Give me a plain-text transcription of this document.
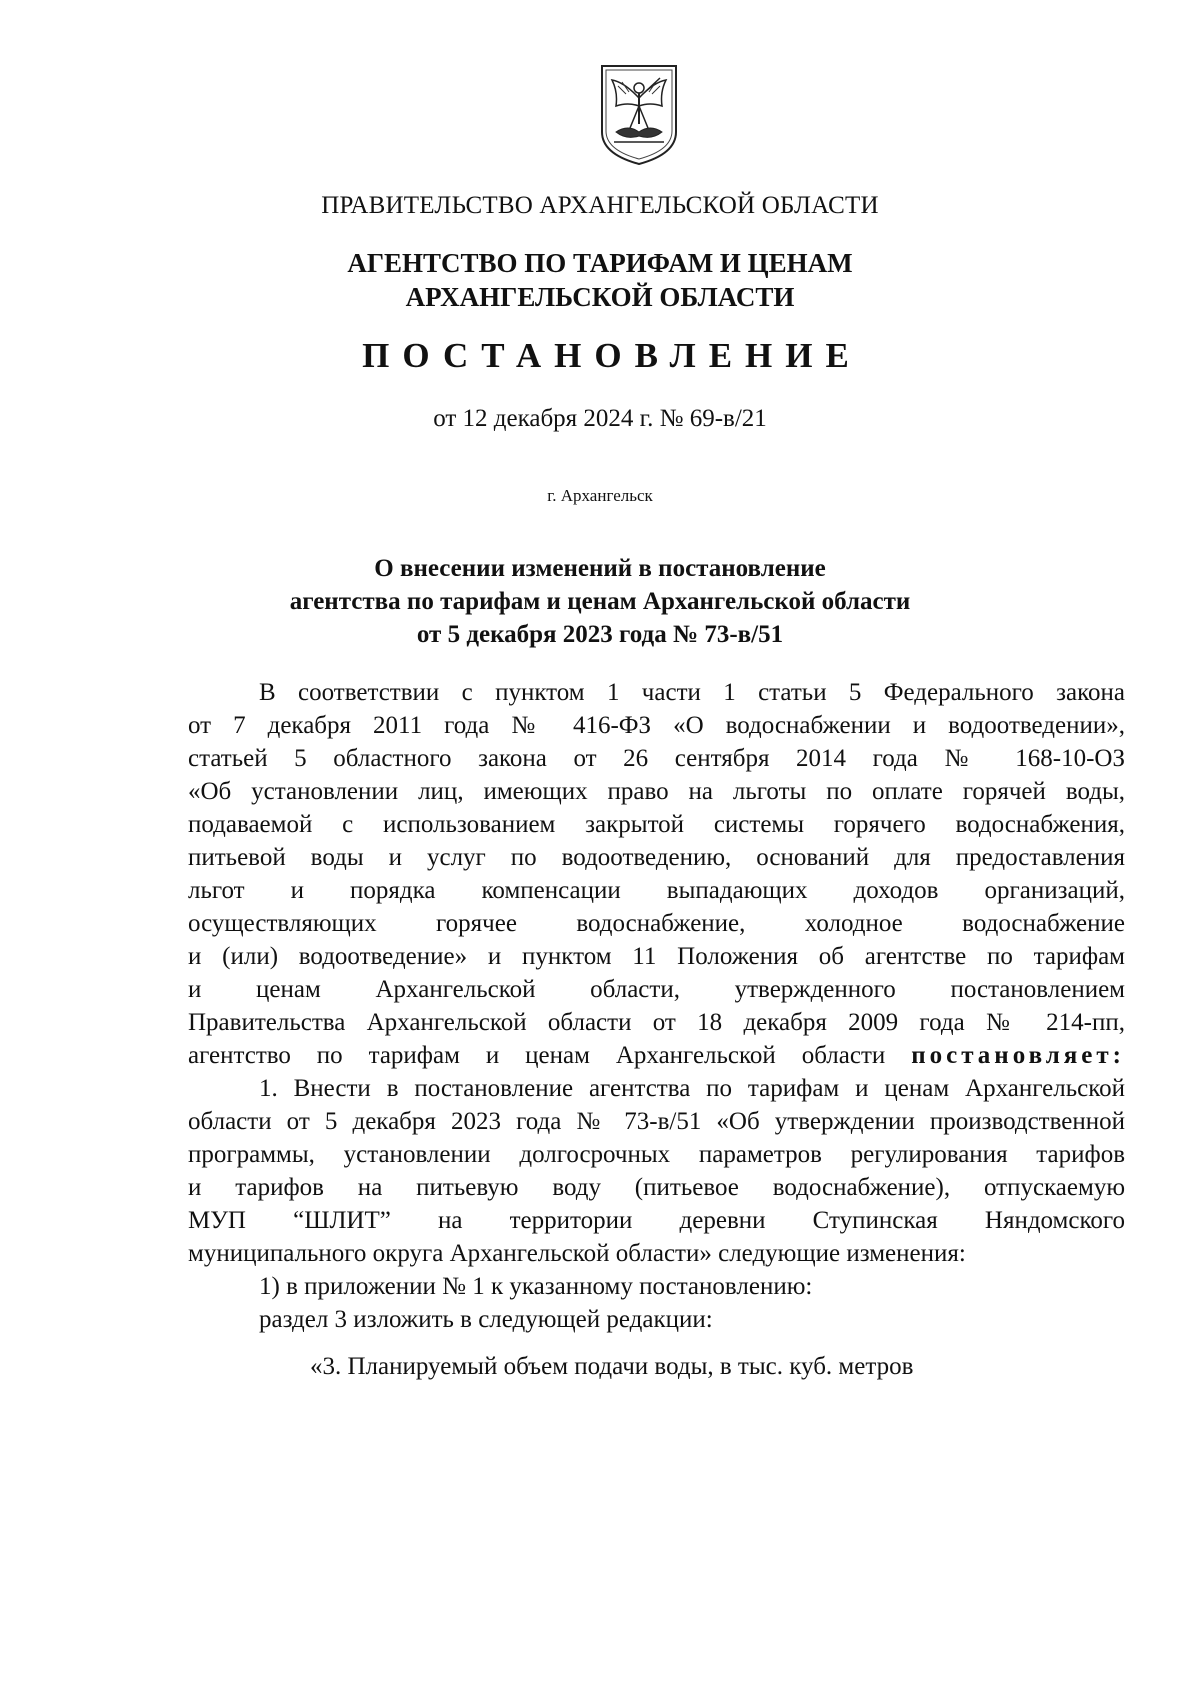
ПРАВИТЕЛЬСТВО АРХАНГЕЛЬСКОЙ ОБЛАСТИ
АГЕНТСТВО ПО ТАРИФАМ И ЦЕНАМ
АРХАНГЕЛЬСКОЙ ОБЛАСТИ
ПОСТАНОВЛЕНИЕ
от 12 декабря 2024 г. № 69-в/21
г. Архангельск
О внесении изменений в постановление
агентства по тарифам и ценам Архангельской области
от 5 декабря 2023 года № 73-в/51
В соответствии с пунктом 1 части 1 статьи 5 Федерального закона
от 7 декабря 2011 года № 416-ФЗ «О водоснабжении и водоотведении»,
статьей 5 областного закона от 26 сентября 2014 года № 168-10-ОЗ
«Об установлении лиц, имеющих право на льготы по оплате горячей воды,
подаваемой с использованием закрытой системы горячего водоснабжения,
питьевой воды и услуг по водоотведению, оснований для предоставления
льгот и порядка компенсации выпадающих доходов организаций,
осуществляющих горячее водоснабжение, холодное водоснабжение
и (или) водоотведение» и пунктом 11 Положения об агентстве по тарифам
и ценам Архангельской области, утвержденного постановлением
Правительства Архангельской области от 18 декабря 2009 года № 214-пп,
агентство по тарифам и ценам Архангельской области постановляет:
1. Внести в постановление агентства по тарифам и ценам Архангельской
области от 5 декабря 2023 года № 73-в/51 «Об утверждении производственной
программы, установлении долгосрочных параметров регулирования тарифов
и тарифов на питьевую воду (питьевое водоснабжение), отпускаемую
МУП “ШЛИТ” на территории деревни Ступинская Няндомского
муниципального округа Архангельской области» следующие изменения:
1) в приложении № 1 к указанному постановлению:
раздел 3 изложить в следующей редакции:
«3. Планируемый объем подачи воды, в тыс. куб. метров
